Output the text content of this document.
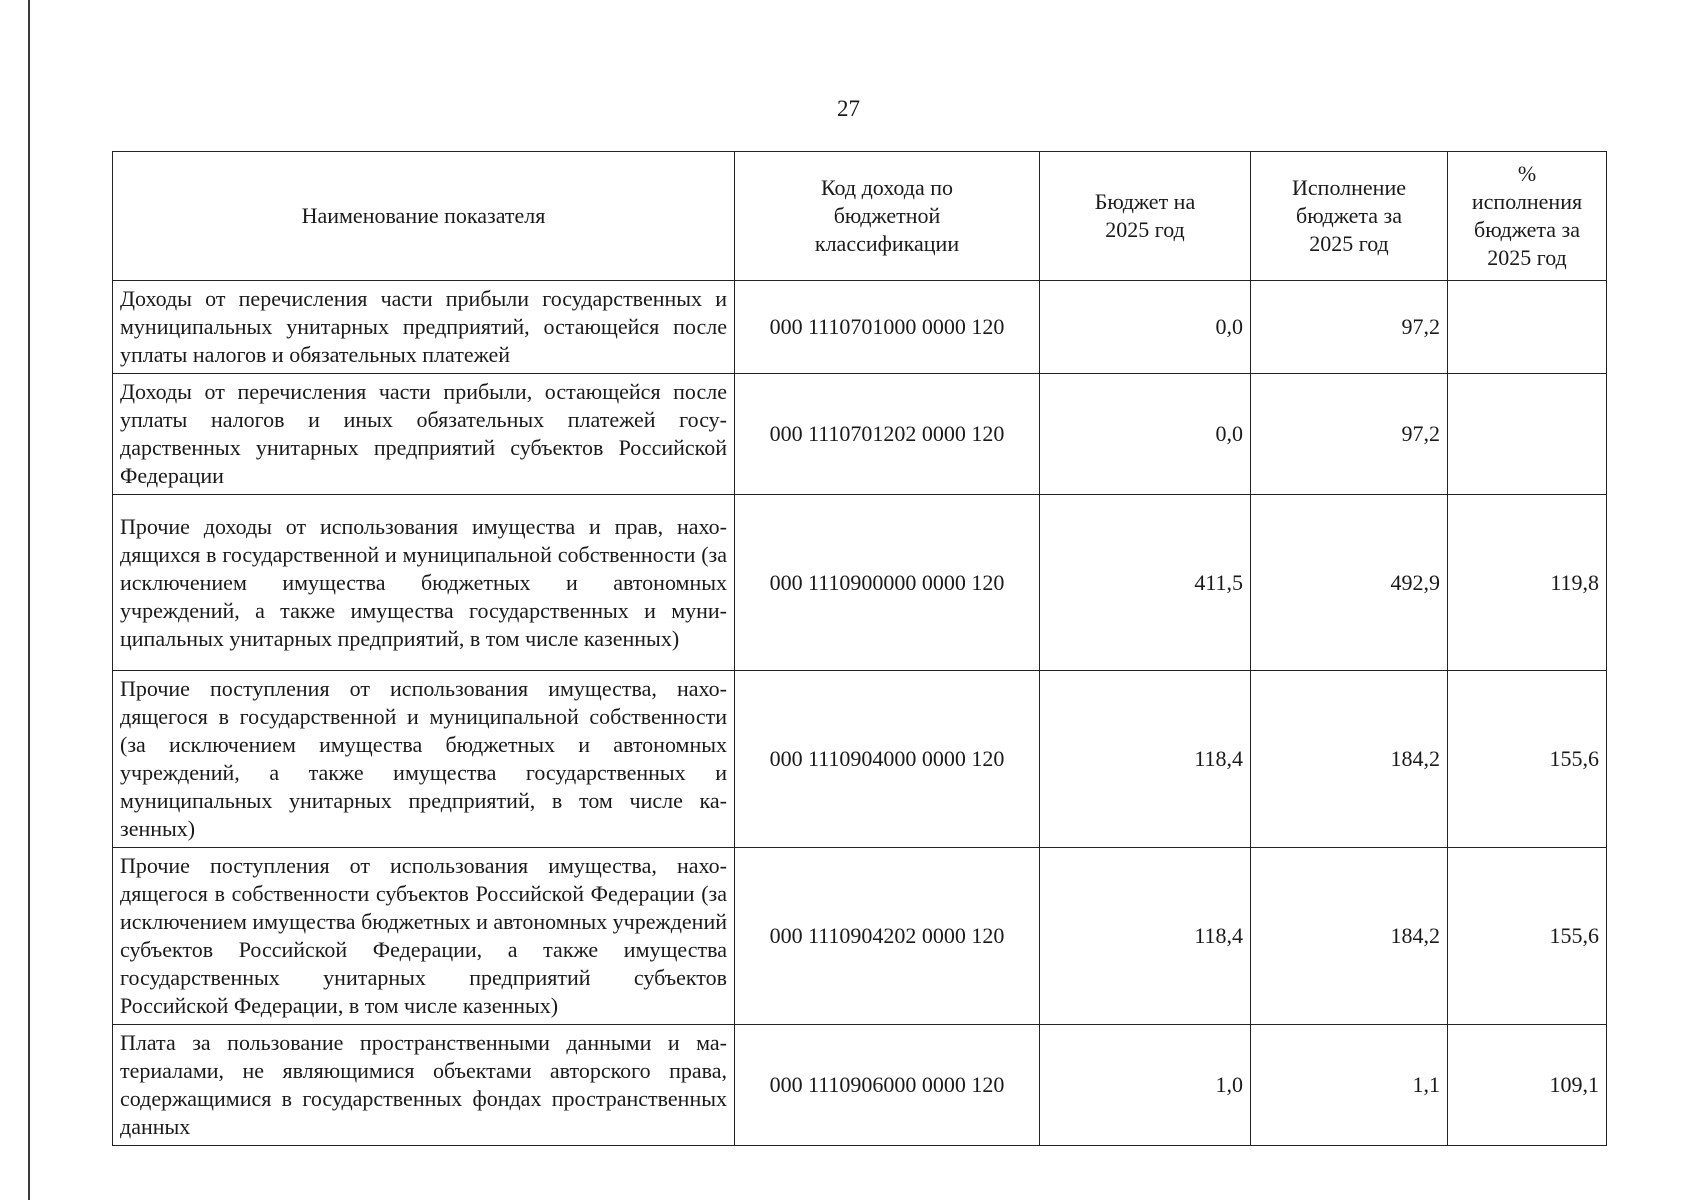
27
Наименование показателя	Код дохода по бюджетной классификации	Бюджет на 2025 год	Исполнение бюджета за 2025 год	% исполнения бюджета за 2025 год
Доходы от перечисления части прибыли государственных и муниципальных унитарных предприятий, остающейся после уплаты налогов и обязательных платежей	000 1110701000 0000 120	0,0	97,2	
Доходы от перечисления части прибыли, остающейся после уплаты налогов и иных обязательных платежей государственных унитарных предприятий субъектов Российской Федерации	000 1110701202 0000 120	0,0	97,2	
Прочие доходы от использования имущества и прав, находящихся в государственной и муниципальной собственности (за исключением имущества бюджетных и автономных учреждений, а также имущества государственных и муниципальных унитарных предприятий, в том числе казенных)	000 1110900000 0000 120	411,5	492,9	119,8
Прочие поступления от использования имущества, находящегося в государственной и муниципальной собственности (за исключением имущества бюджетных и автономных учреждений, а также имущества государственных и муниципальных унитарных предприятий, в том числе казенных)	000 1110904000 0000 120	118,4	184,2	155,6
Прочие поступления от использования имущества, находящегося в собственности субъектов Российской Федерации (за исключением имущества бюджетных и автономных учреждений субъектов Российской Федерации, а также имущества государственных унитарных предприятий субъектов Российской Федерации, в том числе казенных)	000 1110904202 0000 120	118,4	184,2	155,6
Плата за пользование пространственными данными и материалами, не являющимися объектами авторского права, содержащимися в государственных фондах пространственных данных	000 1110906000 0000 120	1,0	1,1	109,1
